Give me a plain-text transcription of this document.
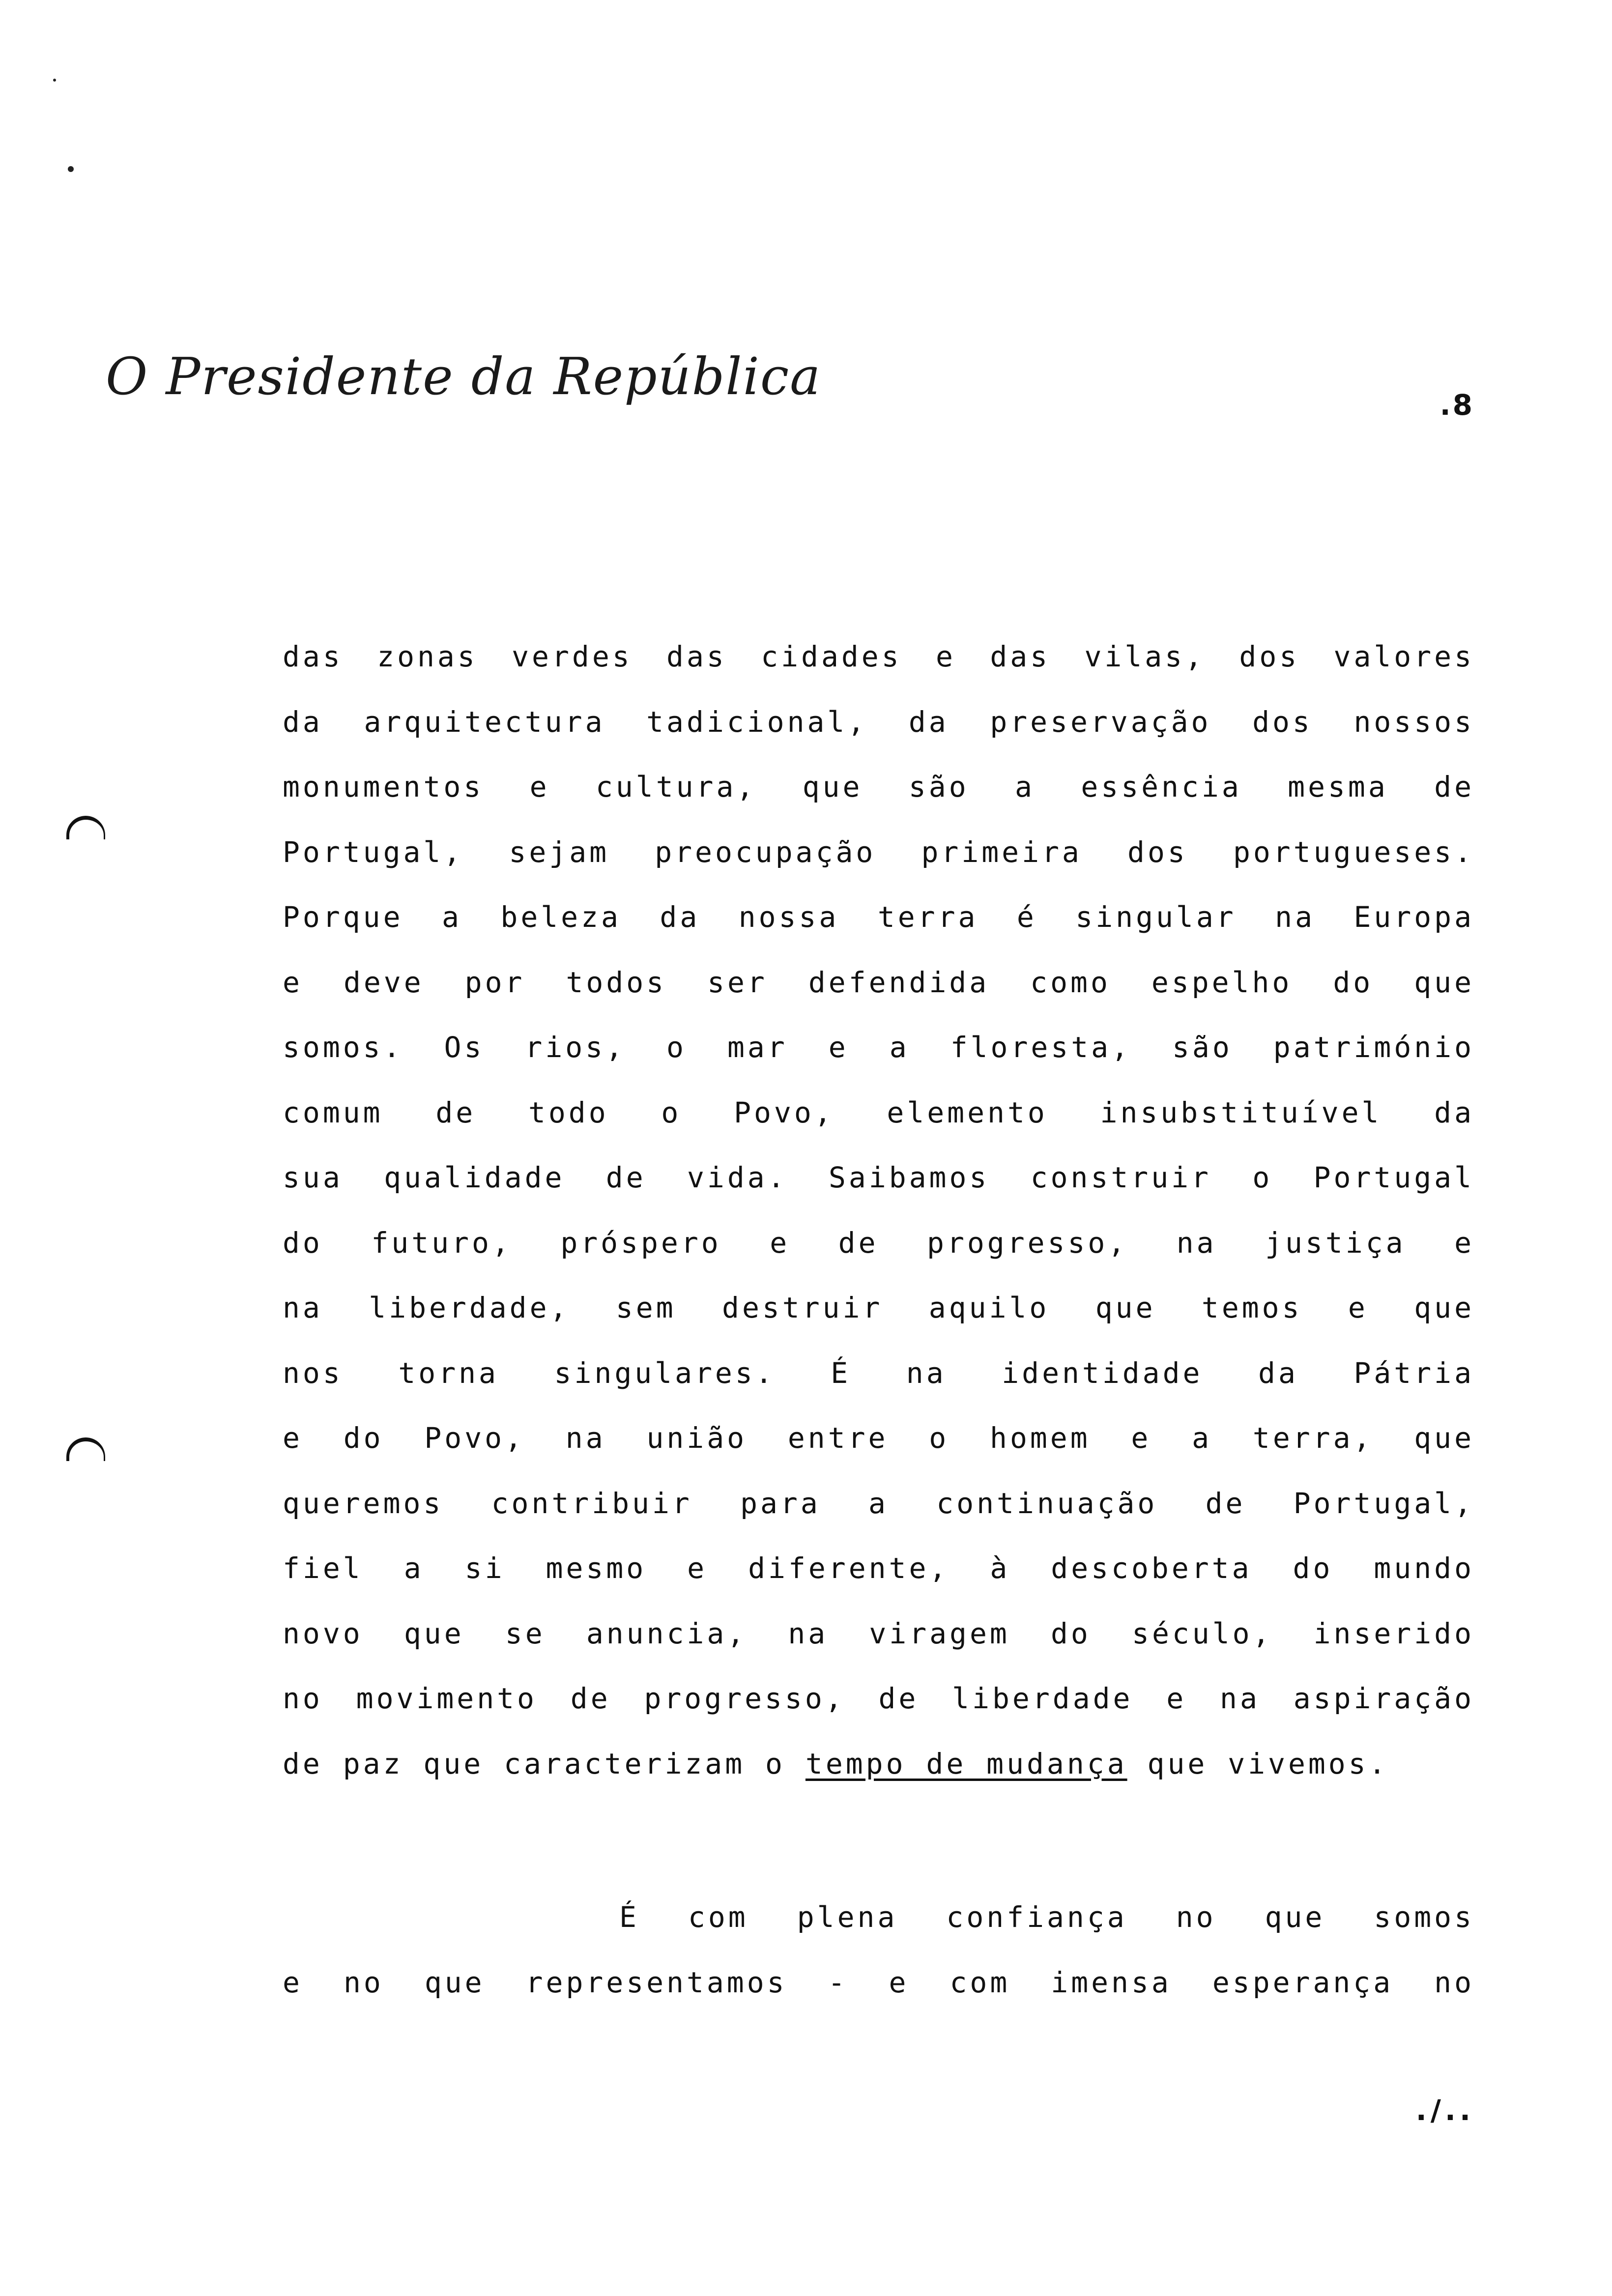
O Presidente da República	.8
das zonas verdes das cidades e das vilas, dos valores
da arquitectura tadicional, da preservação dos nossos
monumentos e cultura, que são a essência mesma de
Portugal, sejam preocupação primeira dos portugueses.
Porque a beleza da nossa terra é singular na Europa
e deve por todos ser defendida como espelho do que
somos. Os rios, o mar e a floresta, são património
comum de todo o Povo, elemento insubstituível da
sua qualidade de vida. Saibamos construir o Portugal
do futuro, próspero e de progresso, na justiça e
na liberdade, sem destruir aquilo que temos e que
nos torna singulares. É na identidade da Pátria
e do Povo, na união entre o homem e a terra, que
queremos contribuir para a continuação de Portugal,
fiel a si mesmo e diferente, à descoberta do mundo
novo que se anuncia, na viragem do século, inserido
no movimento de progresso, de liberdade e na aspiração
de paz que caracterizam o tempo de mudança que vivemos.
É com plena confiança no que somos
e no que representamos - e com imensa esperança no
./..
